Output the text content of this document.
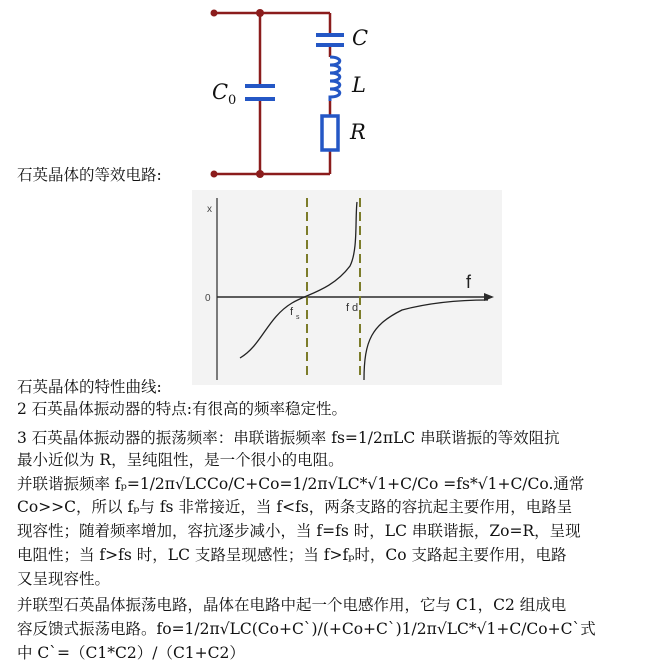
C 0
C
L
R
石英晶体的等效电路:
x
f
0
f s
f d
石英晶体的特性曲线:
2 石英晶体振动器的特点:有很高的频率稳定性。
3 石英晶体振动器的振荡频率：串联谐振频率 fs=1/2πLC 串联谐振的等效阻抗
最小近似为 R，呈纯阻性，是一个很小的电阻。
并联谐振频率 fₚ=1/2π√LCCo/C+Co=1/2π√LC*√1+C/Co =fs*√1+C/Co.通常
Co>>C，所以 fₚ与 fs 非常接近，当 f<fs，两条支路的容抗起主要作用，电路呈
现容性；随着频率增加，容抗逐步减小，当 f=fs 时，LC 串联谐振，Zo=R，呈现
电阻性；当 f>fs 时，LC 支路呈现感性；当 f>fₚ时，Co 支路起主要作用，电路
又呈现容性。
并联型石英晶体振荡电路，晶体在电路中起一个电感作用，它与 C1，C2 组成电
容反馈式振荡电路。fo=1/2π√LC(Co+C`)/(+Co+C`)1/2π√LC*√1+C/Co+C`式
中 C`=（C1*C2）/（C1+C2）
